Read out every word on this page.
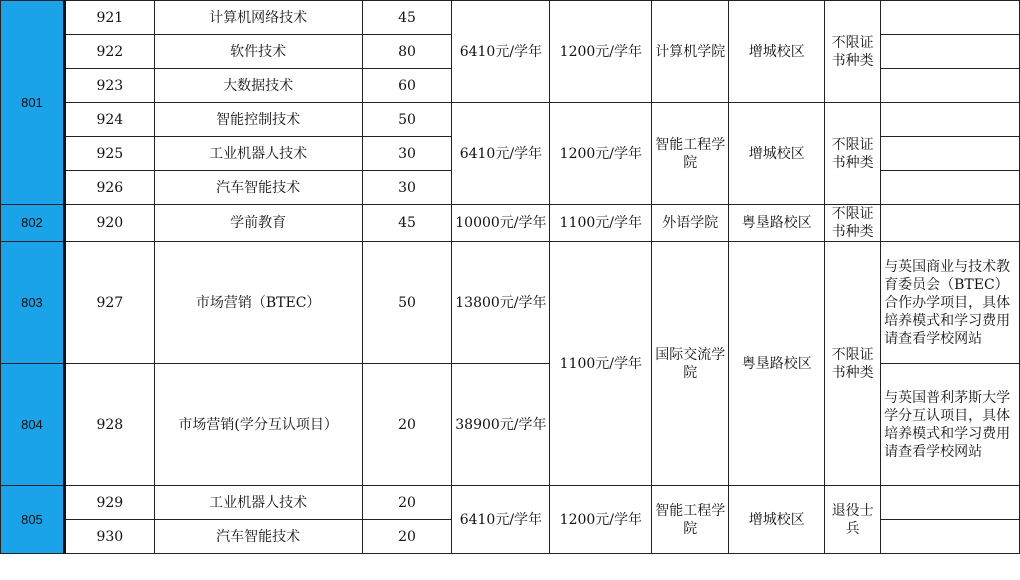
801	921	计算机网络技术	45	6410元/学年	1200元/学年	计算机学院	增城校区	不限证书种类	
	922	软件技术	80						
	923	大数据技术	60						
	924	智能控制技术	50	6410元/学年	1200元/学年	智能工程学院	增城校区	不限证书种类	
	925	工业机器人技术	30						
	926	汽车智能技术	30						
802	920	学前教育	45	10000元/学年	1100元/学年	外语学院	粤垦路校区	不限证书种类	
803	927	市场营销（BTEC）	50	13800元/学年	1100元/学年	国际交流学院	粤垦路校区	不限证书种类	与英国商业与技术教育委员会（BTEC）合作办学项目，具体培养模式和学习费用请查看学校网站
804	928	市场营销(学分互认项目）	20	38900元/学年					与英国普利茅斯大学学分互认项目，具体培养模式和学习费用请查看学校网站
805	929	工业机器人技术	20	6410元/学年	1200元/学年	智能工程学院	增城校区	退役士兵	
	930	汽车智能技术	20						
